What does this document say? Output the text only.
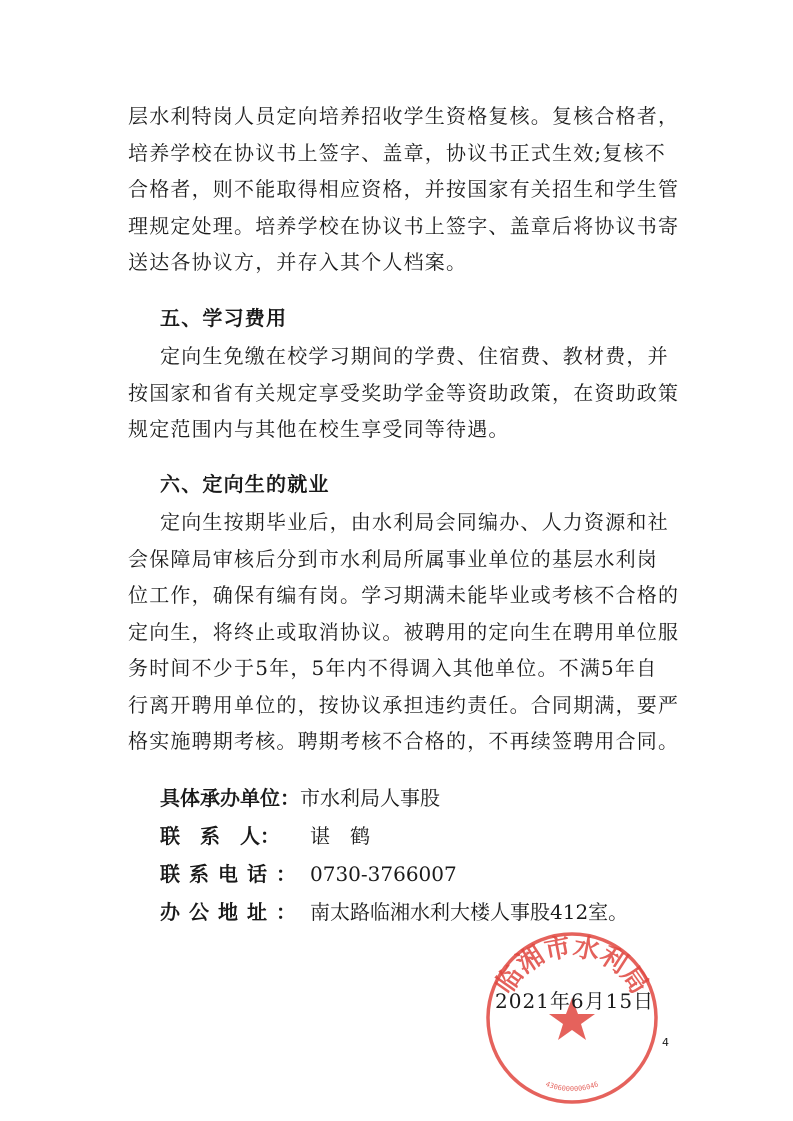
层水利特岗人员定向培养招收学生资格复核。复核合格者，
培养学校在协议书上签字、盖章，协议书正式生效;复核不
合格者，则不能取得相应资格，并按国家有关招生和学生管
理规定处理。培养学校在协议书上签字、盖章后将协议书寄
送达各协议方，并存入其个人档案。
五、学习费用
定向生免缴在校学习期间的学费、住宿费、教材费，并
按国家和省有关规定享受奖助学金等资助政策，在资助政策
规定范围内与其他在校生享受同等待遇。
六、定向生的就业
定向生按期毕业后，由水利局会同编办、人力资源和社
会保障局审核后分到市水利局所属事业单位的基层水利岗
位工作，确保有编有岗。学习期满未能毕业或考核不合格的
定向生，将终止或取消协议。被聘用的定向生在聘用单位服
务时间不少于5年，5年内不得调入其他单位。不满5年自
行离开聘用单位的，按协议承担违约责任。合同期满，要严
格实施聘期考核。聘期考核不合格的，不再续签聘用合同。
具体承办单位：市水利局人事股
联　系　人： 谌　鹤
联系电话： 0730-3766007
办公地址： 南太路临湘水利大楼人事股412室。
临湘市水利局
4306000006046
2021年6月15日
4
